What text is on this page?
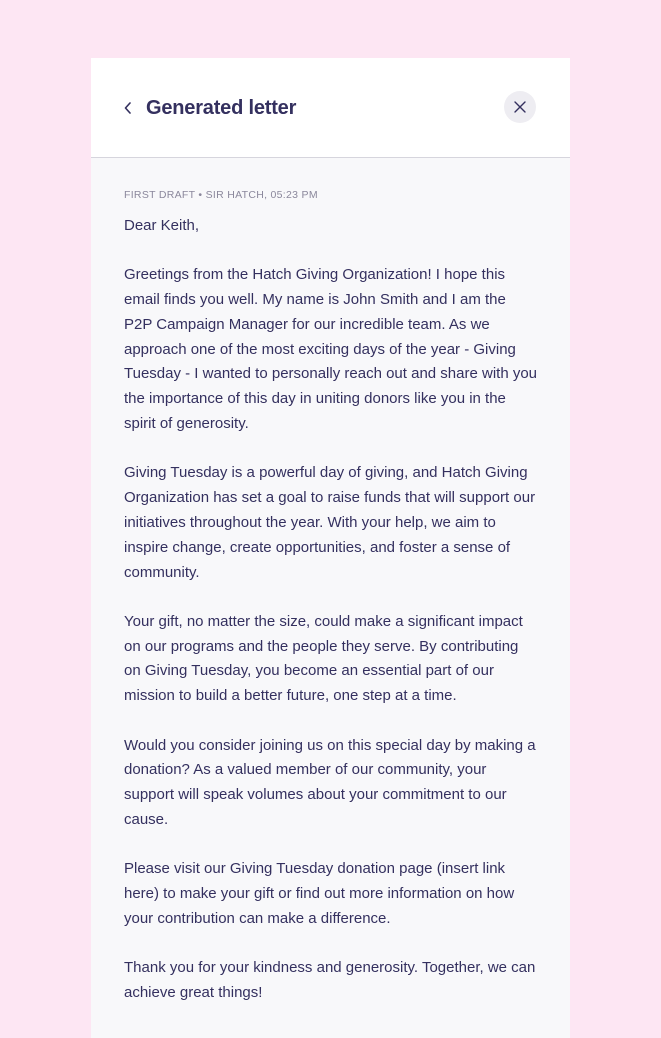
Generated letter
FIRST DRAFT • SIR HATCH, 05:23 PM

Dear Keith,

Greetings from the Hatch Giving Organization! I hope this email finds you well. My name is John Smith and I am the P2P Campaign Manager for our incredible team. As we approach one of the most exciting days of the year - Giving Tuesday - I wanted to personally reach out and share with you the importance of this day in uniting donors like you in the spirit of generosity.

Giving Tuesday is a powerful day of giving, and Hatch Giving Organization has set a goal to raise funds that will support our initiatives throughout the year. With your help, we aim to inspire change, create opportunities, and foster a sense of community.

Your gift, no matter the size, could make a significant impact on our programs and the people they serve. By contributing on Giving Tuesday, you become an essential part of our mission to build a better future, one step at a time.

Would you consider joining us on this special day by making a donation? As a valued member of our community, your support will speak volumes about your commitment to our cause.

Please visit our Giving Tuesday donation page (insert link here) to make your gift or find out more information on how your contribution can make a difference.

Thank you for your kindness and generosity. Together, we can achieve great things!
